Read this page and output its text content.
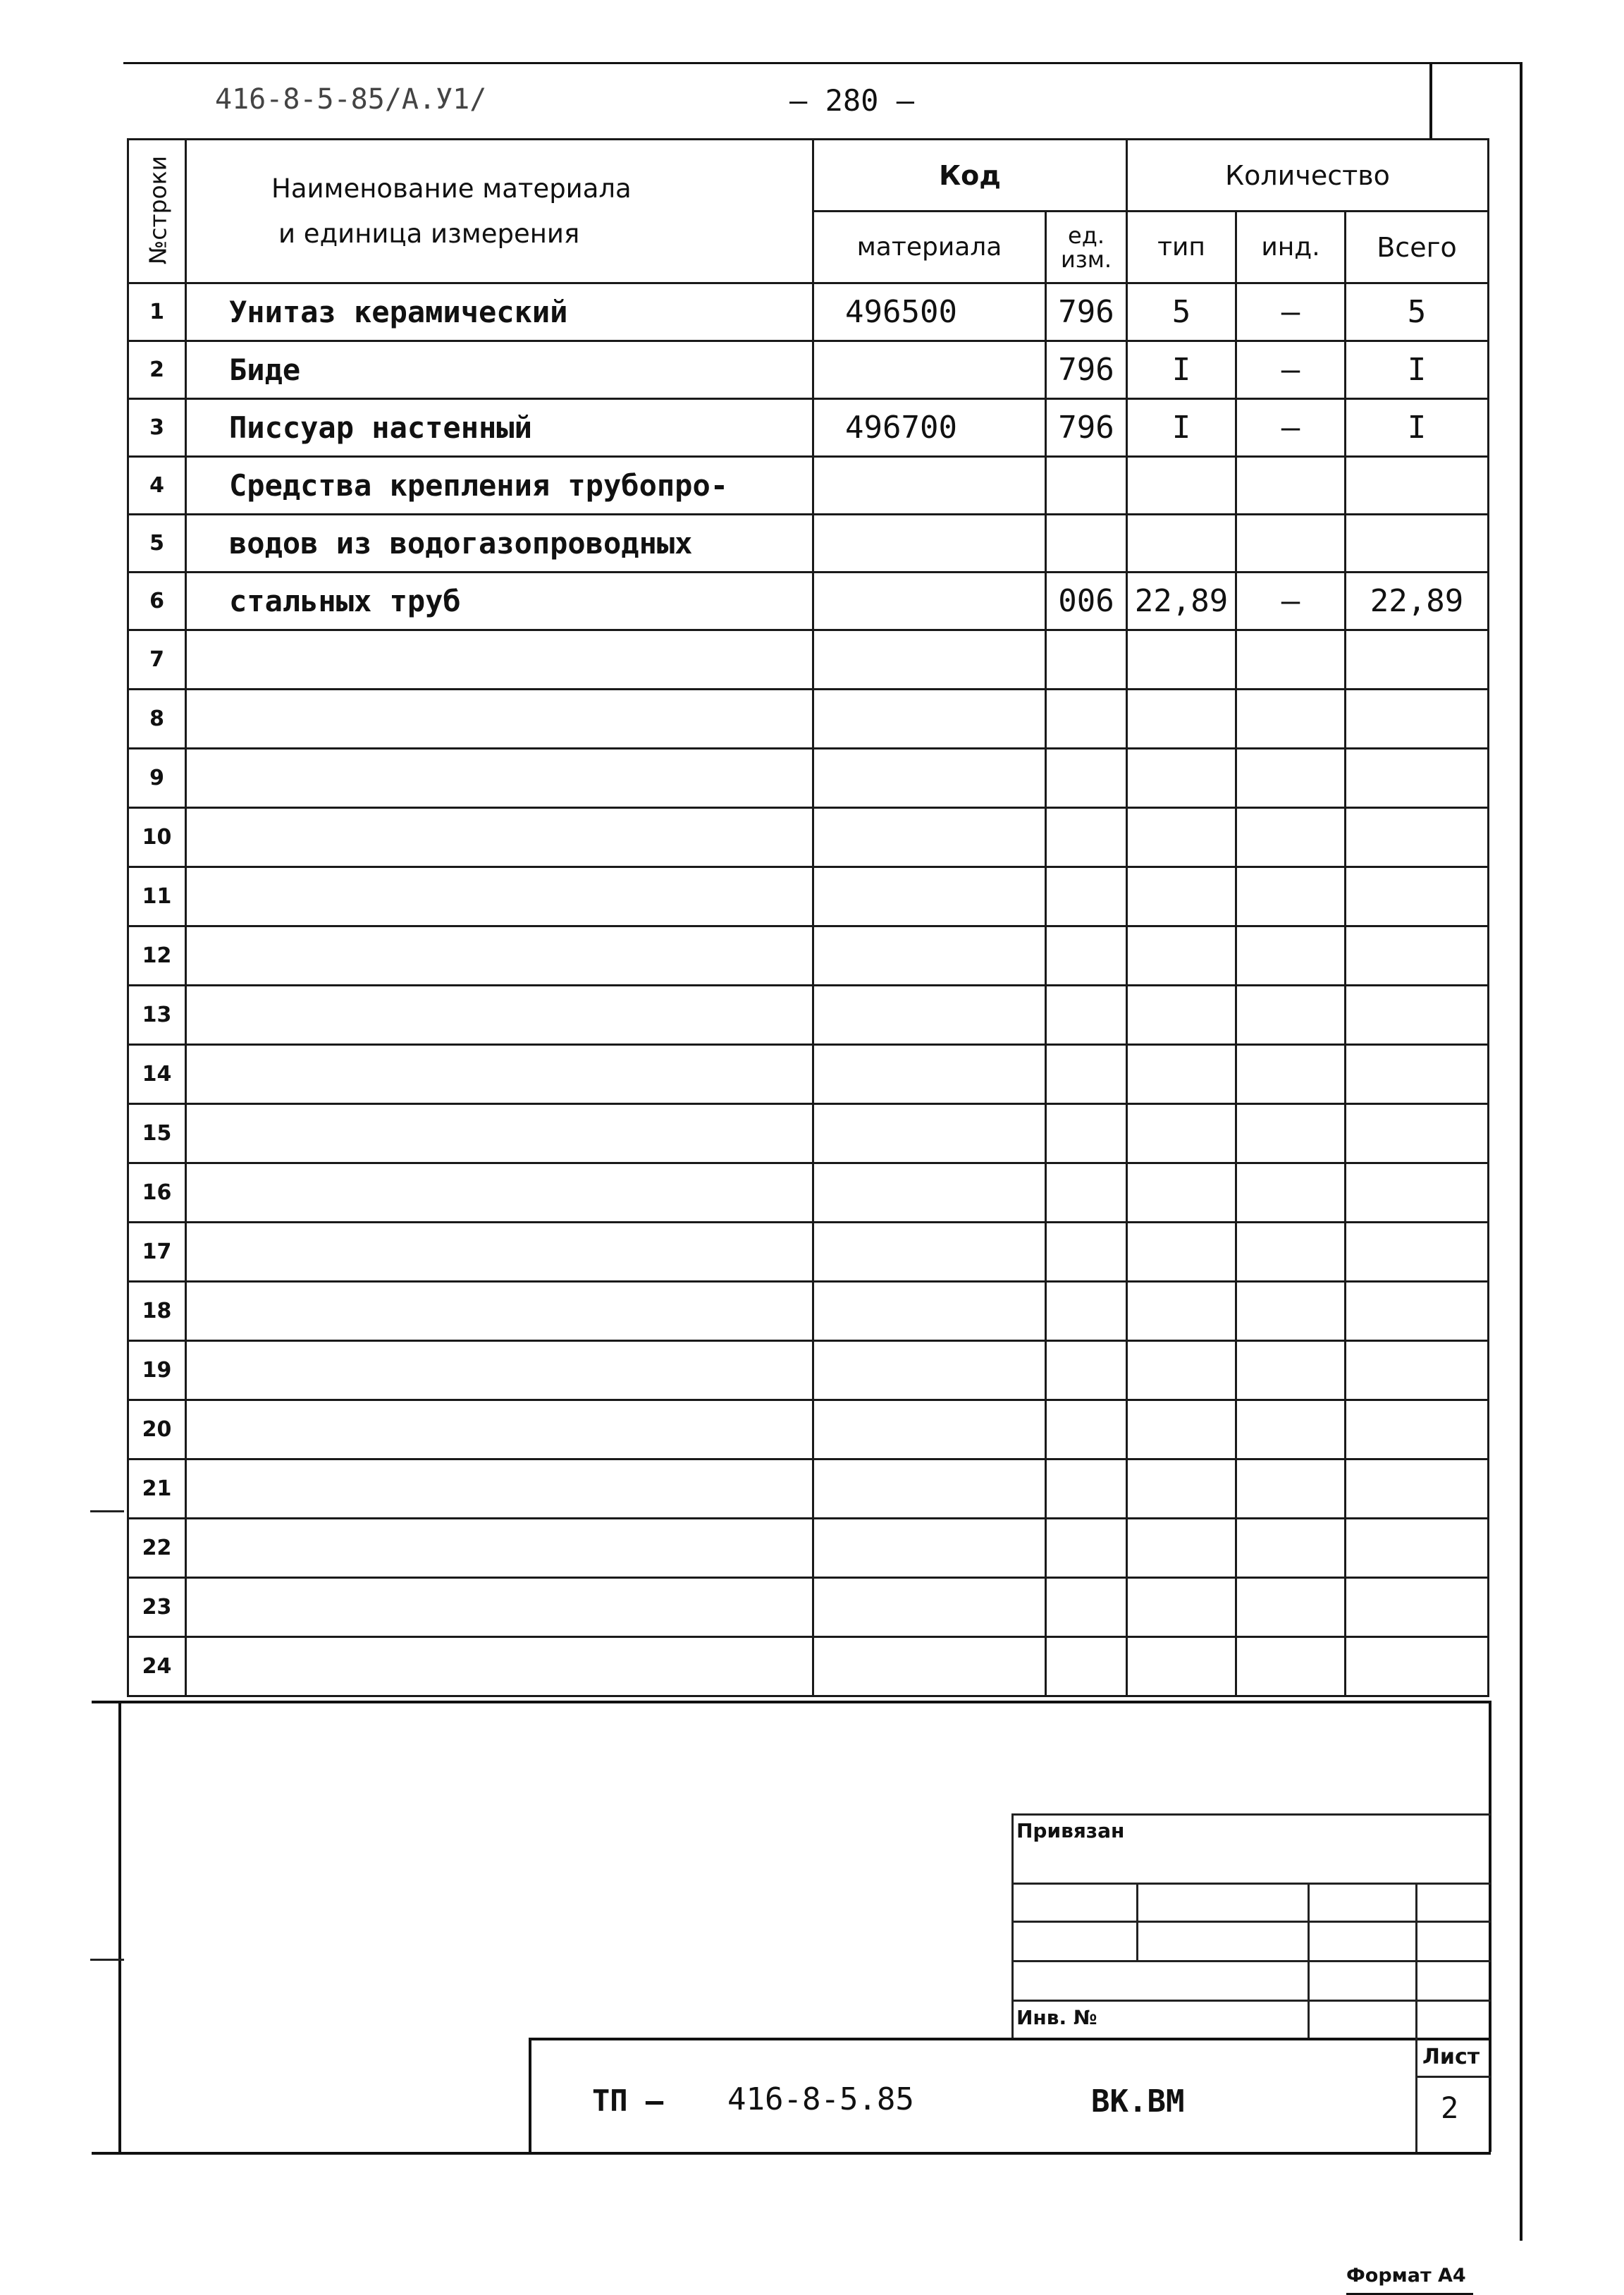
416-8-5-85/А.У1/	– 280 –

	Наименование материала
и единица измерения	Код		Количество		
		материала	ед. изм.	тип	инд.	Всего
1	Унитаз керамический	496500	796	5	–	5
2	Биде		796	I	–	I
3	Писсуар настенный	496700	796	I	–	I
4	Средства крепления трубопро-					
5	водов из водогазопроводных					
6	стальных труб		006	22,89	–	22,89
7						
8						
9						
10						
11						
12						
13						
14						
15						
16						
17						
18						
19						
20						
21						
22						
23						
24						
№строки
Привязан
Инв. №
Лист
2
ТП – 416-8-5.85	ВК.ВМ
Формат А4
